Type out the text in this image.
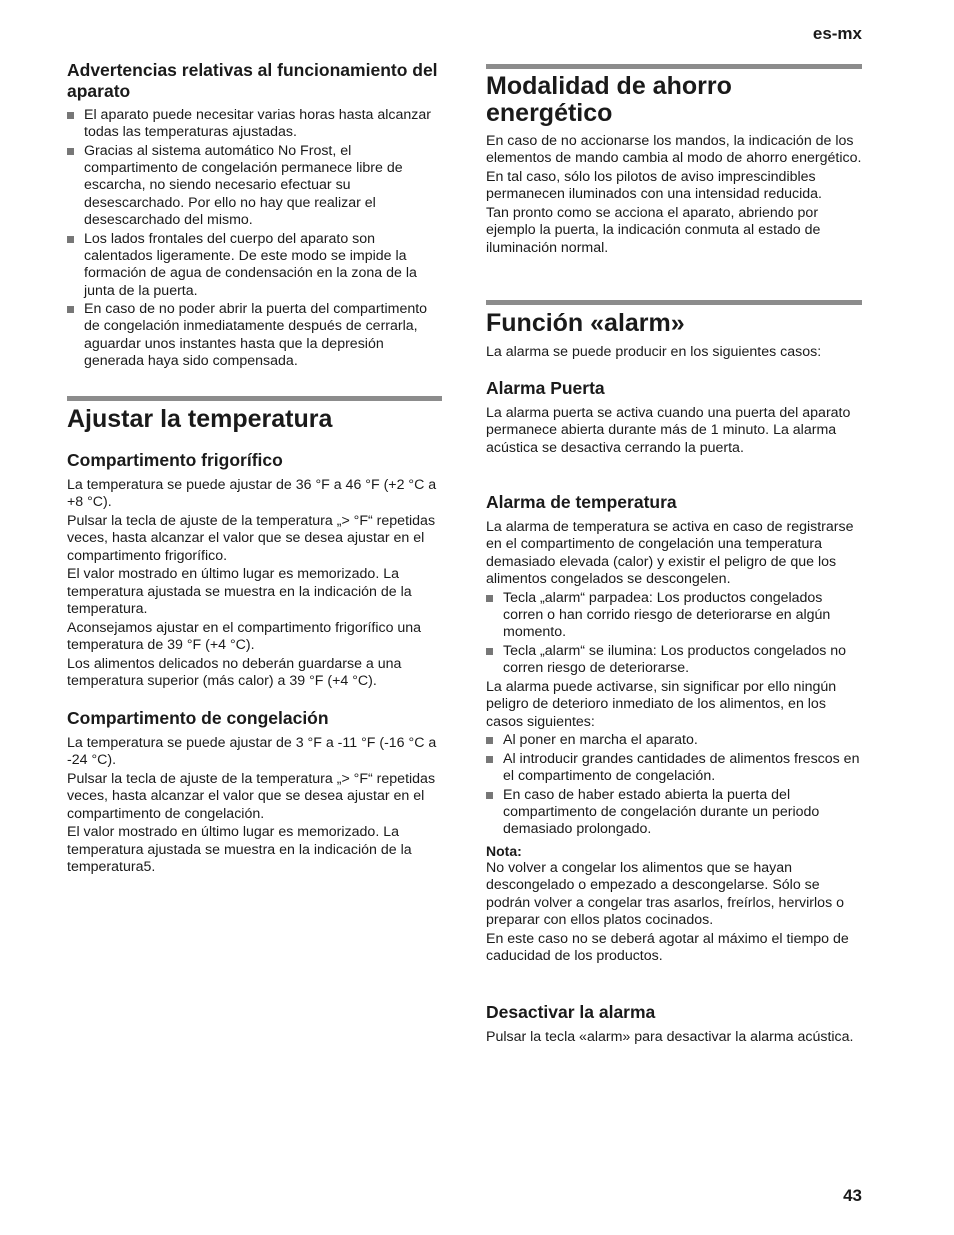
es-mx
43
Advertencias relativas al funcionamiento del aparato
El aparato puede necesitar varias horas hasta alcanzar todas las temperaturas ajustadas.
Gracias al sistema automático No Frost, el compartimento de congelación permanece libre de escarcha, no siendo necesario efectuar su desescarchado. Por ello no hay que realizar el desescarchado del mismo.
Los lados frontales del cuerpo del aparato son calentados ligeramente. De este modo se impide la formación de agua de condensación en la zona de la junta de la puerta.
En caso de no poder abrir la puerta del compartimento de congelación inmediatamente después de cerrarla, aguardar unos instantes hasta que la depresión generada haya sido compensada.
Ajustar la temperatura
Compartimento frigorífico

La temperatura se puede ajustar de 36 °F a 46 °F (+2 °C a +8 °C).

Pulsar la tecla de ajuste de la temperatura „> °F“ repetidas veces, hasta alcanzar el valor que se desea ajustar en el compartimento frigorífico.

El valor mostrado en último lugar es memorizado. La temperatura ajustada se muestra en la indicación de la temperatura.

Aconsejamos ajustar en el compartimento frigorífico una temperatura de 39 °F (+4 °C).

Los alimentos delicados no deberán guardarse a una temperatura superior (más calor) a 39 °F (+4 °C).

Compartimento de congelación

La temperatura se puede ajustar de 3 °F a -11 °F (-16 °C a -24 °C).

Pulsar la tecla de ajuste de la temperatura „> °F“ repetidas veces, hasta alcanzar el valor que se desea ajustar en el compartimento de congelación.

El valor mostrado en último lugar es memorizado. La temperatura ajustada se muestra en la indicación de la temperatura5.

Modalidad de ahorro energético

En caso de no accionarse los mandos, la indicación de los elementos de mando cambia al modo de ahorro energético.

En tal caso, sólo los pilotos de aviso imprescindibles permanecen iluminados con una intensidad reducida.

Tan pronto como se acciona el aparato, abriendo por ejemplo la puerta, la indicación conmuta al estado de iluminación normal.

Función «alarm»

La alarma se puede producir en los siguientes casos:

Alarma Puerta

La alarma puerta se activa cuando una puerta del aparato permanece abierta durante más de 1 minuto. La alarma acústica se desactiva cerrando la puerta.

Alarma de temperatura

La alarma de temperatura se activa en caso de registrarse en el compartimento de congelación una temperatura demasiado elevada (calor) y existir el peligro de que los alimentos congelados se descongelen.

Tecla „alarm“ parpadea: Los productos congelados corren o han corrido riesgo de deteriorarse en algún momento.
Tecla „alarm“ se ilumina: Los productos congelados no corren riesgo de deteriorarse.

La alarma puede activarse, sin significar por ello ningún peligro de deterioro inmediato de los alimentos, en los casos siguientes:

Al poner en marcha el aparato.
Al introducir grandes cantidades de alimentos frescos en el compartimento de congelación.
En caso de haber estado abierta la puerta del compartimento de congelación durante un periodo demasiado prolongado.

Nota:

No volver a congelar los alimentos que se hayan descongelado o empezado a descongelarse. Sólo se podrán volver a congelar tras asarlos, freírlos, hervirlos o preparar con ellos platos cocinados.

En este caso no se deberá agotar al máximo el tiempo de caducidad de los productos.

Desactivar la alarma

Pulsar la tecla «alarm» para desactivar la alarma acústica.
